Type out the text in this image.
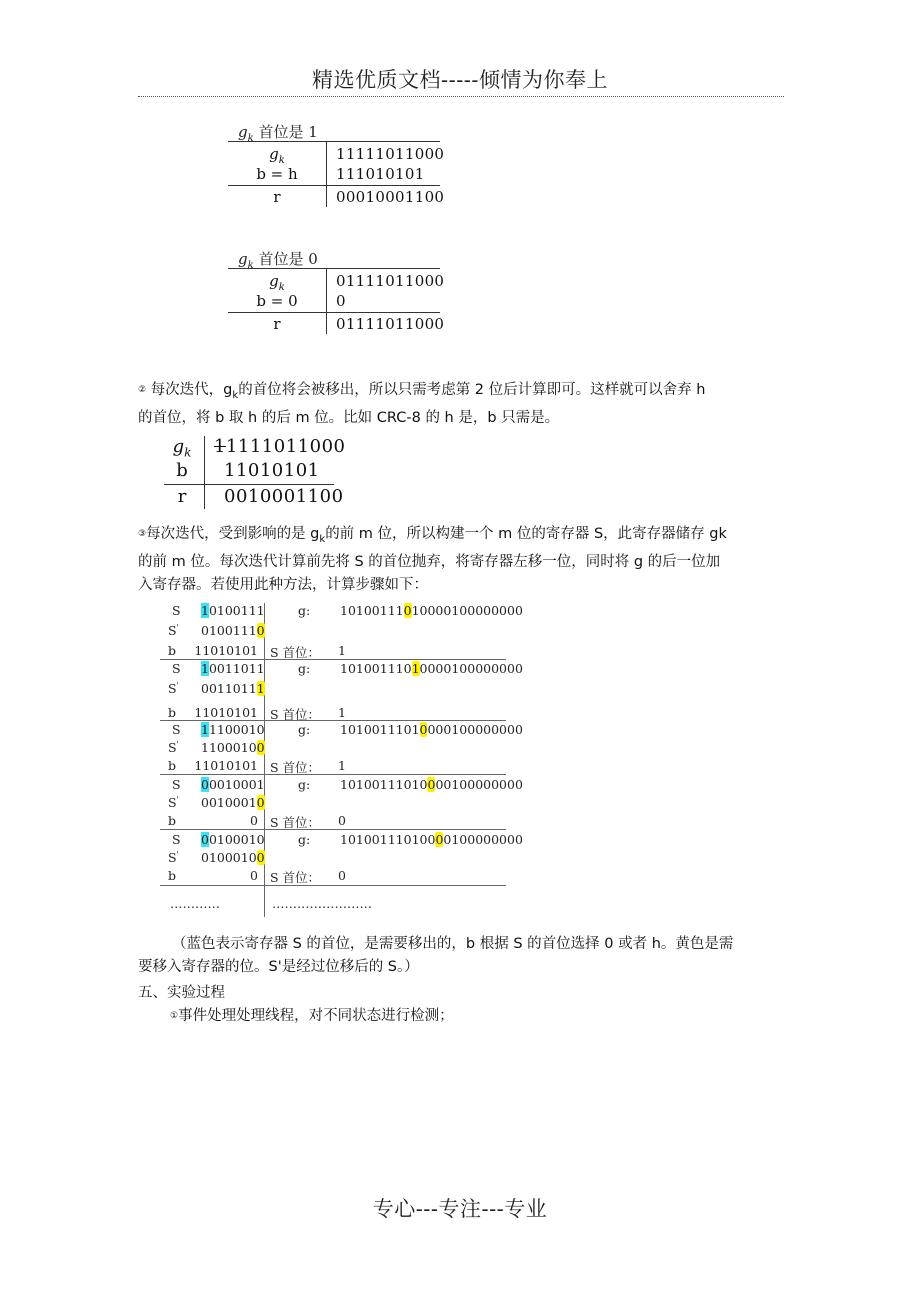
精选优质文档-----倾情为你奉上
$g_k$ 首位是 1
$g_k$	11111011000
b = h	111010101
r	00010001100
$g_k$ 首位是 0
$g_k$	01111011000
b = 0	0
r	01111011000
② 每次迭代，$g_k$的首位将会被移出，所以只需考虑第 2 位后计算即可。这样就可以舍弃 h
的首位，将 b 取 h 的后 m 位。比如 CRC-8 的 h 是，b 只需是。
$g_k$	11111011000
b	11010101
r	0010001100
③每次迭代，受到影响的是 $g_k$的前 m 位，所以构建一个 m 位的寄存器 S，此寄存器储存 gk
的前 m 位。每次迭代计算前先将 S 的首位抛弃，将寄存器左移一位，同时将 g 的后一位加
入寄存器。若使用此种方法，计算步骤如下：
S 10100111	g: 10100111010000100000000
S' 01001110
b 11010101 S 首位： 1
S 10011011	g: 10100111010000100000000
S' 00110111
b 11010101 S 首位： 1
S 11100010	g: 10100111010000100000000
S' 11000100
b 11010101 S 首位： 1
S 00010001	g: 10100111010000100000000
S' 00100010
b	0 S 首位： 0
S 00100010	g: 10100111010000100000000
S' 01000100
b	0 S 首位： 0
…………	……………………
（蓝色表示寄存器 S 的首位，是需要移出的，b 根据 S 的首位选择 0 或者 h。黄色是需
要移入寄存器的位。S'是经过位移后的 S。）
五、实验过程
①事件处理处理线程，对不同状态进行检测；
专心---专注---专业
